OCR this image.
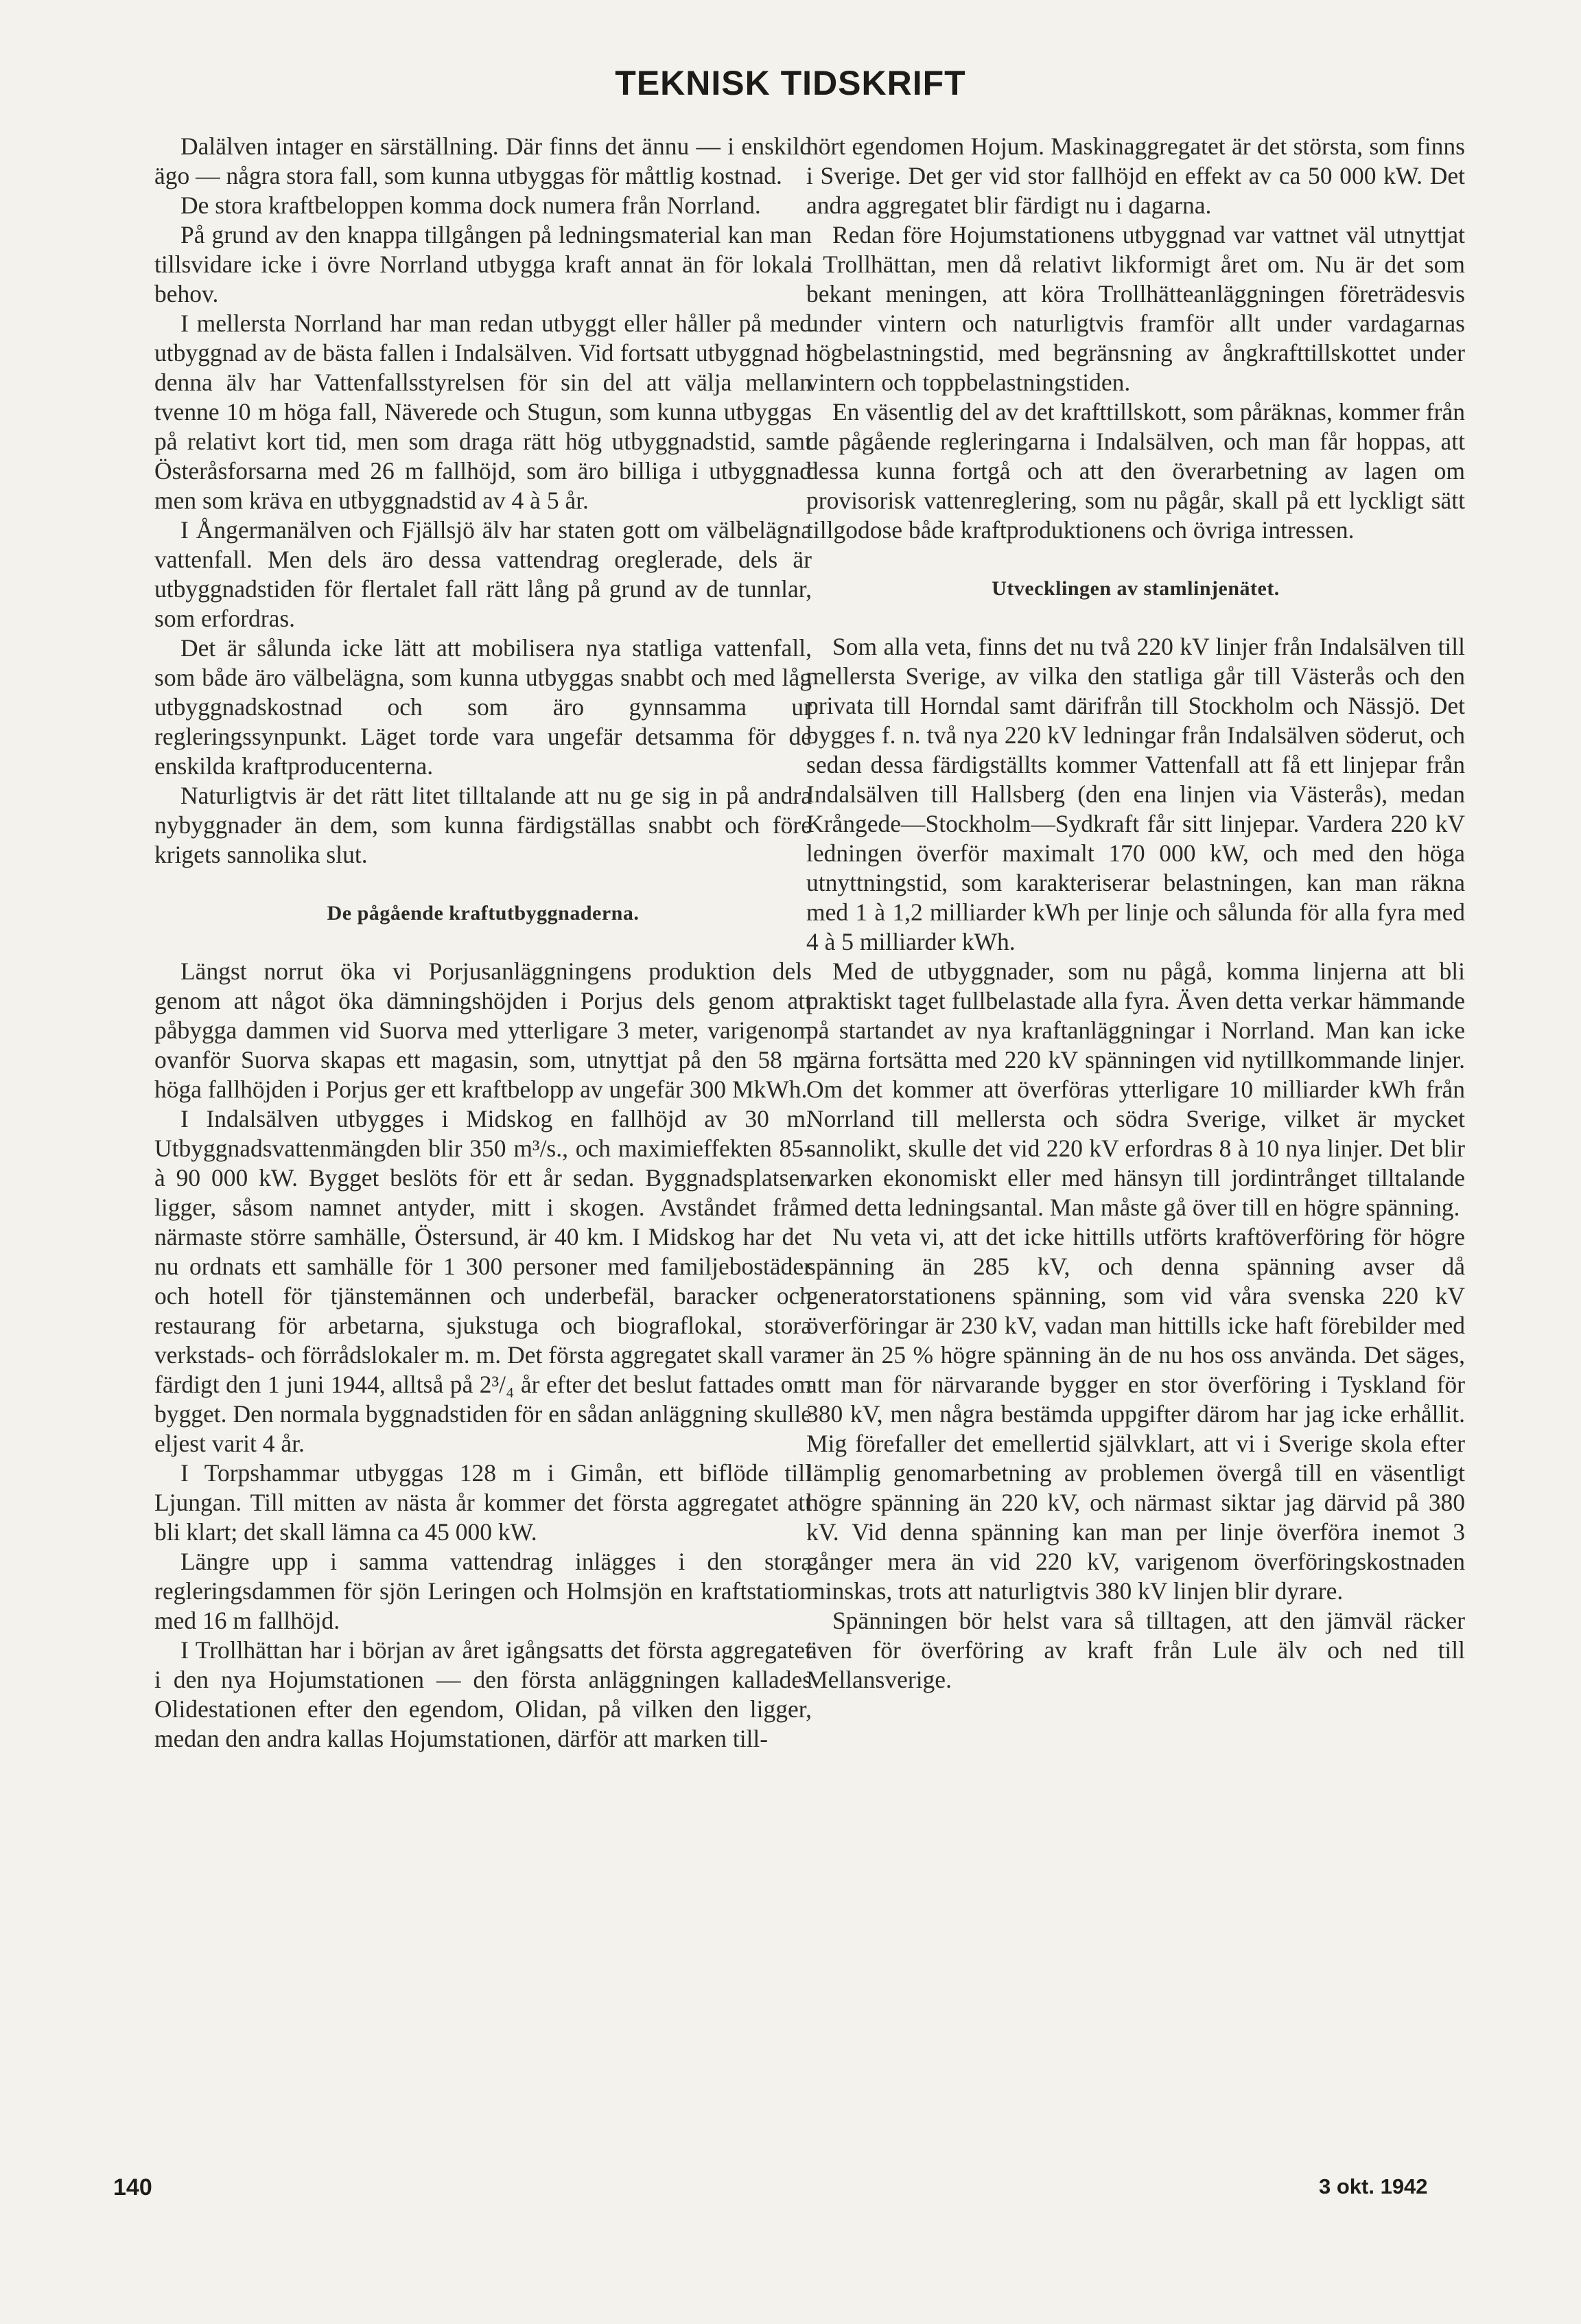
TEKNISK TIDSKRIFT

Dalälven intager en särställning. Där finns det ännu — i enskild ägo — några stora fall, som kunna utbyggas för måttlig kostnad.

De stora kraftbeloppen komma dock numera från Norrland.

På grund av den knappa tillgången på ledningsmaterial kan man tillsvidare icke i övre Norrland utbygga kraft annat än för lokala behov.

I mellersta Norrland har man redan utbyggt eller håller på med utbyggnad av de bästa fallen i Indalsälven. Vid fortsatt utbyggnad i denna älv har Vattenfallsstyrelsen för sin del att välja mellan tvenne 10 m höga fall, Näverede och Stugun, som kunna utbyggas på relativt kort tid, men som draga rätt hög utbyggnadstid, samt Österåsforsarna med 26 m fallhöjd, som äro billiga i utbyggnad men som kräva en utbyggnadstid av 4 à 5 år.

I Ångermanälven och Fjällsjö älv har staten gott om välbelägna vattenfall. Men dels äro dessa vattendrag oreglerade, dels är utbyggnadstiden för flertalet fall rätt lång på grund av de tunnlar, som erfordras.

Det är sålunda icke lätt att mobilisera nya statliga vattenfall, som både äro välbelägna, som kunna utbyggas snabbt och med låg utbyggnadskostnad och som äro gynnsamma ur regleringssynpunkt. Läget torde vara ungefär detsamma för de enskilda kraftproducenterna.

Naturligtvis är det rätt litet tilltalande att nu ge sig in på andra nybyggnader än dem, som kunna färdigställas snabbt och före krigets sannolika slut.

De pågående kraftutbyggnaderna.

Längst norrut öka vi Porjusanläggningens produktion dels genom att något öka dämningshöjden i Porjus dels genom att påbygga dammen vid Suorva med ytterligare 3 meter, varigenom ovanför Suorva skapas ett magasin, som, utnyttjat på den 58 m höga fallhöjden i Porjus ger ett kraftbelopp av ungefär 300 MkWh.

I Indalsälven utbygges i Midskog en fallhöjd av 30 m. Utbyggnadsvattenmängden blir 350 m³/s., och maximieffekten 85- à 90 000 kW. Bygget beslöts för ett år sedan. Byggnadsplatsen ligger, såsom namnet antyder, mitt i skogen. Avståndet från närmaste större samhälle, Östersund, är 40 km. I Midskog har det nu ordnats ett samhälle för 1 300 personer med familjebostäder och hotell för tjänstemännen och underbefäl, baracker och restaurang för arbetarna, sjukstuga och biograflokal, stora verkstads- och förrådslokaler m. m. Det första aggregatet skall vara färdigt den 1 juni 1944, alltså på 2³/₄ år efter det beslut fattades om bygget. Den normala byggnadstiden för en sådan anläggning skulle eljest varit 4 år.

I Torpshammar utbyggas 128 m i Gimån, ett biflöde till Ljungan. Till mitten av nästa år kommer det första aggregatet att bli klart; det skall lämna ca 45 000 kW.

Längre upp i samma vattendrag inlägges i den stora regleringsdammen för sjön Leringen och Holmsjön en kraftstation med 16 m fallhöjd.

I Trollhättan har i början av året igångsatts det första aggregatet i den nya Hojumstationen — den första anläggningen kallades Olidestationen efter den egendom, Olidan, på vilken den ligger, medan den andra kallas Hojumstationen, därför att marken till-

hört egendomen Hojum. Maskinaggregatet är det största, som finns i Sverige. Det ger vid stor fallhöjd en effekt av ca 50 000 kW. Det andra aggregatet blir färdigt nu i dagarna.

Redan före Hojumstationens utbyggnad var vattnet väl utnyttjat i Trollhättan, men då relativt likformigt året om. Nu är det som bekant meningen, att köra Trollhätteanläggningen företrädesvis under vintern och naturligtvis framför allt under vardagarnas högbelastningstid, med begränsning av ångkrafttillskottet under vintern och toppbelastningstiden.

En väsentlig del av det krafttillskott, som påräknas, kommer från de pågående regleringarna i Indalsälven, och man får hoppas, att dessa kunna fortgå och att den överarbetning av lagen om provisorisk vattenreglering, som nu pågår, skall på ett lyckligt sätt tillgodose både kraftproduktionens och övriga intressen.

Utvecklingen av stamlinjenätet.

Som alla veta, finns det nu två 220 kV linjer från Indalsälven till mellersta Sverige, av vilka den statliga går till Västerås och den privata till Horndal samt därifrån till Stockholm och Nässjö. Det bygges f. n. två nya 220 kV ledningar från Indalsälven söderut, och sedan dessa färdigställts kommer Vattenfall att få ett linjepar från Indalsälven till Hallsberg (den ena linjen via Västerås), medan Krångede—Stockholm—Sydkraft får sitt linjepar. Vardera 220 kV ledningen överför maximalt 170 000 kW, och med den höga utnyttningstid, som karakteriserar belastningen, kan man räkna med 1 à 1,2 milliarder kWh per linje och sålunda för alla fyra med 4 à 5 milliarder kWh.

Med de utbyggnader, som nu pågå, komma linjerna att bli praktiskt taget fullbelastade alla fyra. Även detta verkar hämmande på startandet av nya kraftanläggningar i Norrland. Man kan icke gärna fortsätta med 220 kV spänningen vid nytillkommande linjer. Om det kommer att överföras ytterligare 10 milliarder kWh från Norrland till mellersta och södra Sverige, vilket är mycket sannolikt, skulle det vid 220 kV erfordras 8 à 10 nya linjer. Det blir varken ekonomiskt eller med hänsyn till jordintrånget tilltalande med detta ledningsantal. Man måste gå över till en högre spänning.

Nu veta vi, att det icke hittills utförts kraftöverföring för högre spänning än 285 kV, och denna spänning avser då generatorstationens spänning, som vid våra svenska 220 kV överföringar är 230 kV, vadan man hittills icke haft förebilder med mer än 25 % högre spänning än de nu hos oss använda. Det säges, att man för närvarande bygger en stor överföring i Tyskland för 380 kV, men några bestämda uppgifter därom har jag icke erhållit. Mig förefaller det emellertid självklart, att vi i Sverige skola efter lämplig genomarbetning av problemen övergå till en väsentligt högre spänning än 220 kV, och närmast siktar jag därvid på 380 kV. Vid denna spänning kan man per linje överföra inemot 3 gånger mera än vid 220 kV, varigenom överföringskostnaden minskas, trots att naturligtvis 380 kV linjen blir dyrare.

Spänningen bör helst vara så tilltagen, att den jämväl räcker även för överföring av kraft från Lule älv och ned till Mellansverige.

140	3 okt. 1942
